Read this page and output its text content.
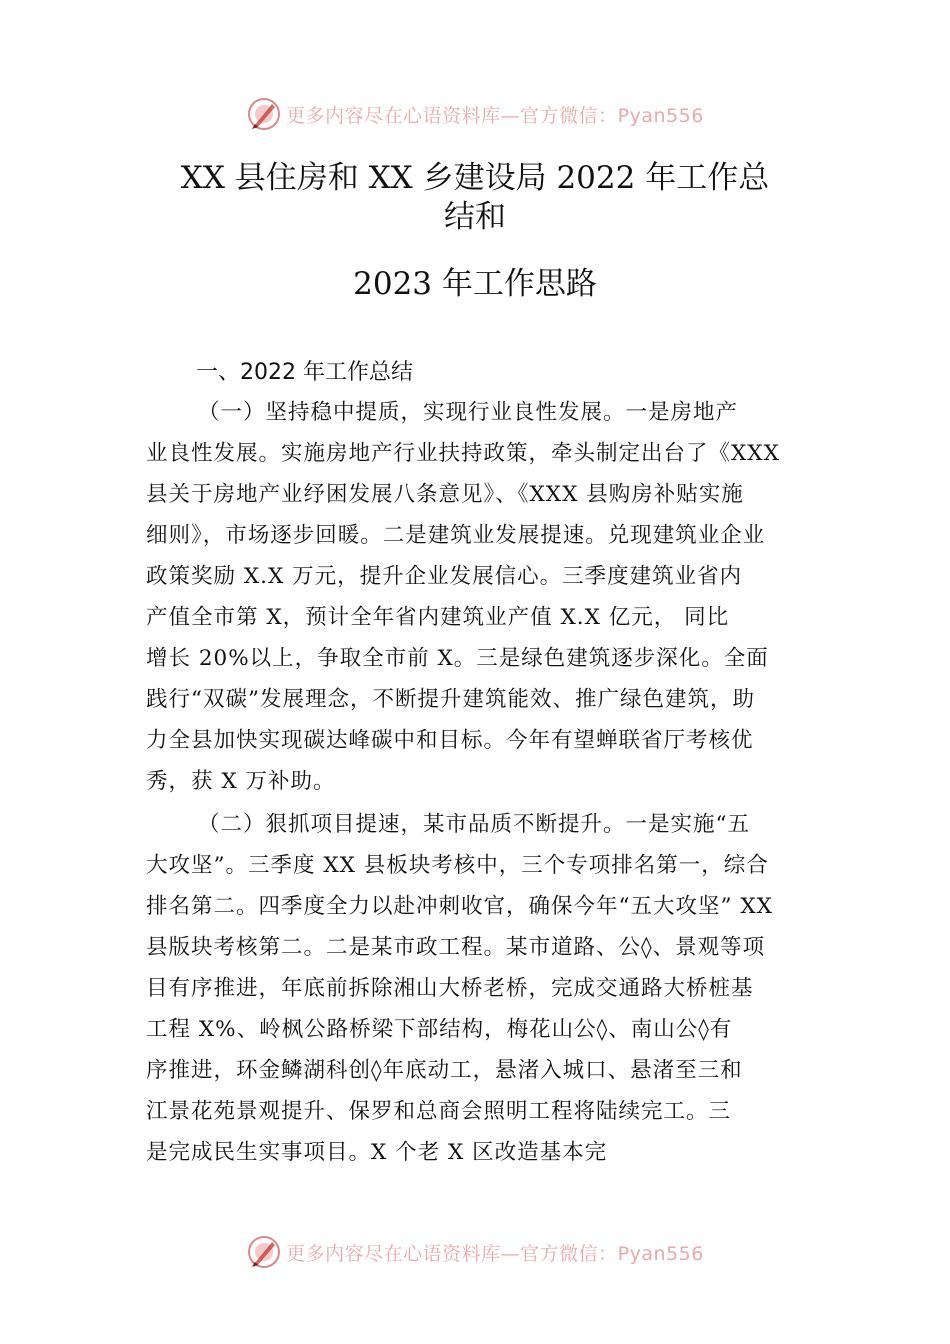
更多内容尽在心语资料库—官方微信：Pyan556
XX 县住房和 XX 乡建设局 2022 年工作总
结和
2023 年工作思路
一、2022 年工作总结
（一）坚持稳中提质，实现行业良性发展。一是房地产
业良性发展。实施房地产行业扶持政策，牵头制定出台了《XXX
县关于房地产业纾困发展八条意见》、《XXX 县购房补贴实施
细则》，市场逐步回暖。二是建筑业发展提速。兑现建筑业企业
政策奖励 X.X 万元，提升企业发展信心。三季度建筑业省内
产值全市第 X，预计全年省内建筑业产值 X.X 亿元， 同比
增长 20%以上，争取全市前 X。三是绿色建筑逐步深化。全面
践行“双碳”发展理念，不断提升建筑能效、推广绿色建筑，助
力全县加快实现碳达峰碳中和目标。今年有望蝉联省厅考核优
秀，获 X 万补助。
（二）狠抓项目提速，某市品质不断提升。一是实施“五
大攻坚”。三季度 XX 县板块考核中，三个专项排名第一，综合
排名第二。四季度全力以赴冲刺收官，确保今年“五大攻坚” XX
县版块考核第二。二是某市政工程。某市道路、公◊、景观等项
目有序推进，年底前拆除湘山大桥老桥，完成交通路大桥桩基
工程 X%、岭枫公路桥梁下部结构，梅花山公◊、南山公◊有
序推进，环金鳞湖科创◊年底动工，悬渚入城口、悬渚至三和
江景花苑景观提升、保罗和总商会照明工程将陆续完工。三
是完成民生实事项目。X 个老 X 区改造基本完
更多内容尽在心语资料库—官方微信：Pyan556
